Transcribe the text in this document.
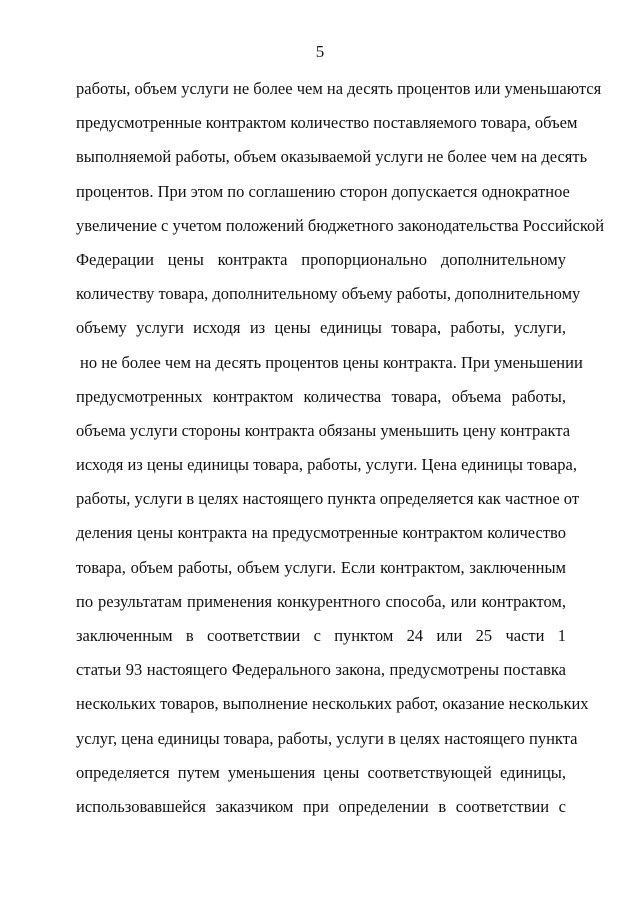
5
работы, объем услуги не более чем на десять процентов или уменьшаются
предусмотренные контрактом количество поставляемого товара, объем
выполняемой работы, объем оказываемой услуги не более чем на десять
процентов. При этом по соглашению сторон допускается однократное
увеличение с учетом положений бюджетного законодательства Российской
Федерации цены контракта пропорционально дополнительному
количеству товара, дополнительному объему работы, дополнительному
объему услуги исходя из цены единицы товара, работы, услуги,
но не более чем на десять процентов цены контракта. При уменьшении
предусмотренных контрактом количества товара, объема работы,
объема услуги стороны контракта обязаны уменьшить цену контракта
исходя из цены единицы товара, работы, услуги. Цена единицы товара,
работы, услуги в целях настоящего пункта определяется как частное от
деления цены контракта на предусмотренные контрактом количество
товара, объем работы, объем услуги. Если контрактом, заключенным
по результатам применения конкурентного способа, или контрактом,
заключенным в соответствии с пунктом 24 или 25 части 1
статьи 93 настоящего Федерального закона, предусмотрены поставка
нескольких товаров, выполнение нескольких работ, оказание нескольких
услуг, цена единицы товара, работы, услуги в целях настоящего пункта
определяется путем уменьшения цены соответствующей единицы,
использовавшейся заказчиком при определении в соответствии с
